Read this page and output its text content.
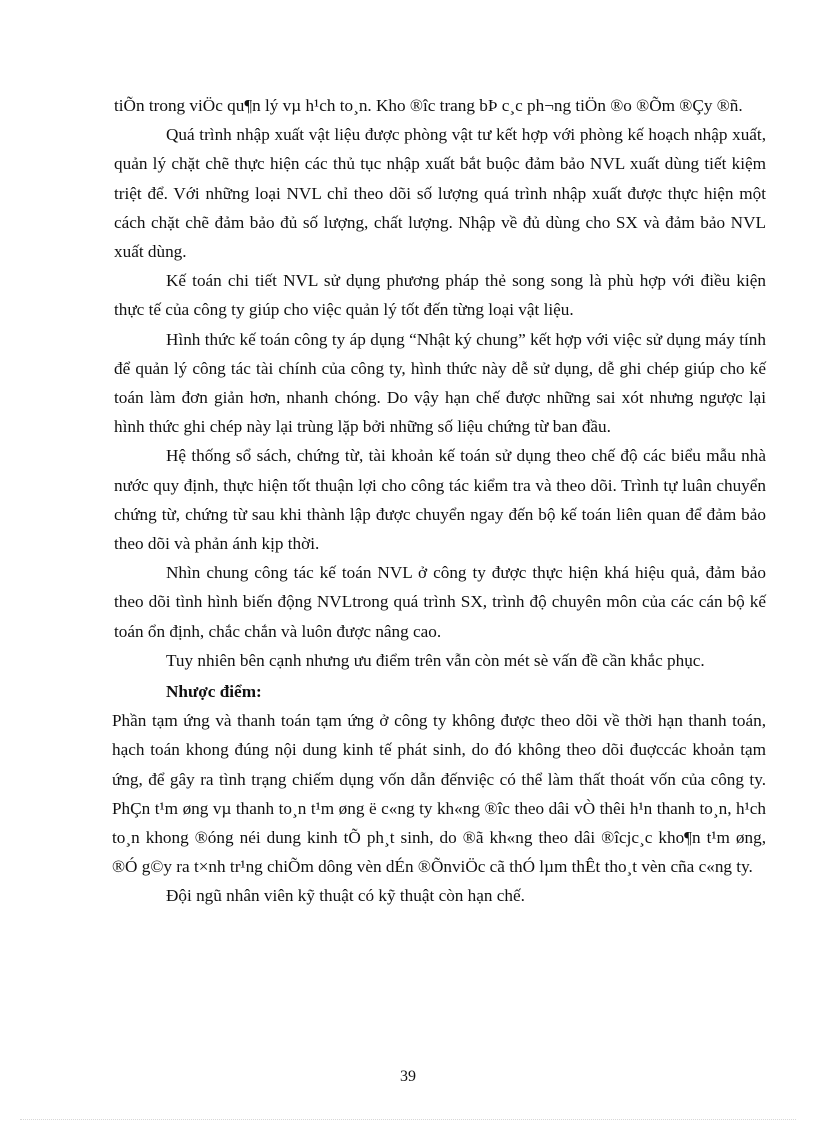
tiÕn trong viÖc qu¶n lý vµ h¹ch to¸n. Kho ®îc trang bÞ c¸c ph¬ng tiÖn ®o ®Õm ®Çy ®ñ.

Quá trình nhập xuất vật liệu được phòng vật tư kết hợp với phòng kế hoạch nhập xuất, quản lý chặt chẽ thực hiện các thủ tục nhập xuất bắt buộc đảm bảo NVL xuất dùng tiết kiệm triệt để. Với những loại NVL chỉ theo dõi số lượng quá trình nhập xuất được thực hiện một cách chặt chẽ đảm bảo đủ số lượng, chất lượng. Nhập về đủ dùng cho SX và đảm bảo NVL xuất dùng.

Kế toán chi tiết NVL sử dụng phương pháp thẻ song song là phù hợp với điều kiện thực tế của công ty giúp cho việc quản lý tốt đến từng loại vật liệu.

Hình thức kế toán công ty áp dụng “Nhật ký chung” kết hợp với việc sử dụng máy tính để quản lý công tác tài chính của công ty, hình thức này dễ sử dụng, dễ ghi chép giúp cho kế toán làm đơn giản hơn, nhanh chóng. Do vậy hạn chế được những sai xót nhưng ngược lại hình thức ghi chép này lại trùng lặp bởi những số liệu chứng từ ban đầu.

Hệ thống sổ sách, chứng từ, tài khoản kế toán sử dụng theo chế độ các biểu mẫu nhà nước quy định, thực hiện tốt thuận lợi cho công tác kiểm tra và theo dõi. Trình tự luân chuyển chứng từ, chứng từ sau khi thành lập được chuyển ngay đến bộ kế toán liên quan để đảm bảo theo dõi và phản ánh kịp thời.

Nhìn chung công tác kế toán NVL ở công ty được thực hiện khá hiệu quả, đảm bảo theo dõi tình hình biến động NVLtrong quá trình SX, trình độ chuyên môn của các cán bộ kế toán ổn định, chắc chắn và luôn được nâng cao.

Tuy nhiên bên cạnh nhưng ưu điểm trên vẫn còn mét sè vấn đề cần khắc phục.

Nhược điểm:

Phần tạm ứng và thanh toán tạm ứng ở công ty không được theo dõi về thời hạn thanh toán, hạch toán khong đúng nội dung kinh tế phát sinh, do đó không theo dõi đuợccác khoản tạm ứng, để gây ra tình trạng chiếm dụng vốn dẫn đếnviệc có thể làm thất thoát vốn của công ty. PhÇn t¹m øng vµ thanh to¸n t¹m øng ë c«ng ty kh«ng ®îc theo dâi vÒ thêi h¹n thanh to¸n, h¹ch to¸n khong ®óng néi dung kinh tÕ ph¸t sinh, do ®ã kh«ng theo dâi ®îcjc¸c kho¶n t¹m øng, ®Ó g©y ra t×nh tr¹ng chiÕm dông vèn dÉn ®ÕnviÖc cã thÓ lµm thÊt tho¸t vèn cña c«ng ty.

Đội ngũ nhân viên kỹ thuật có kỹ thuật còn hạn chế.

39
